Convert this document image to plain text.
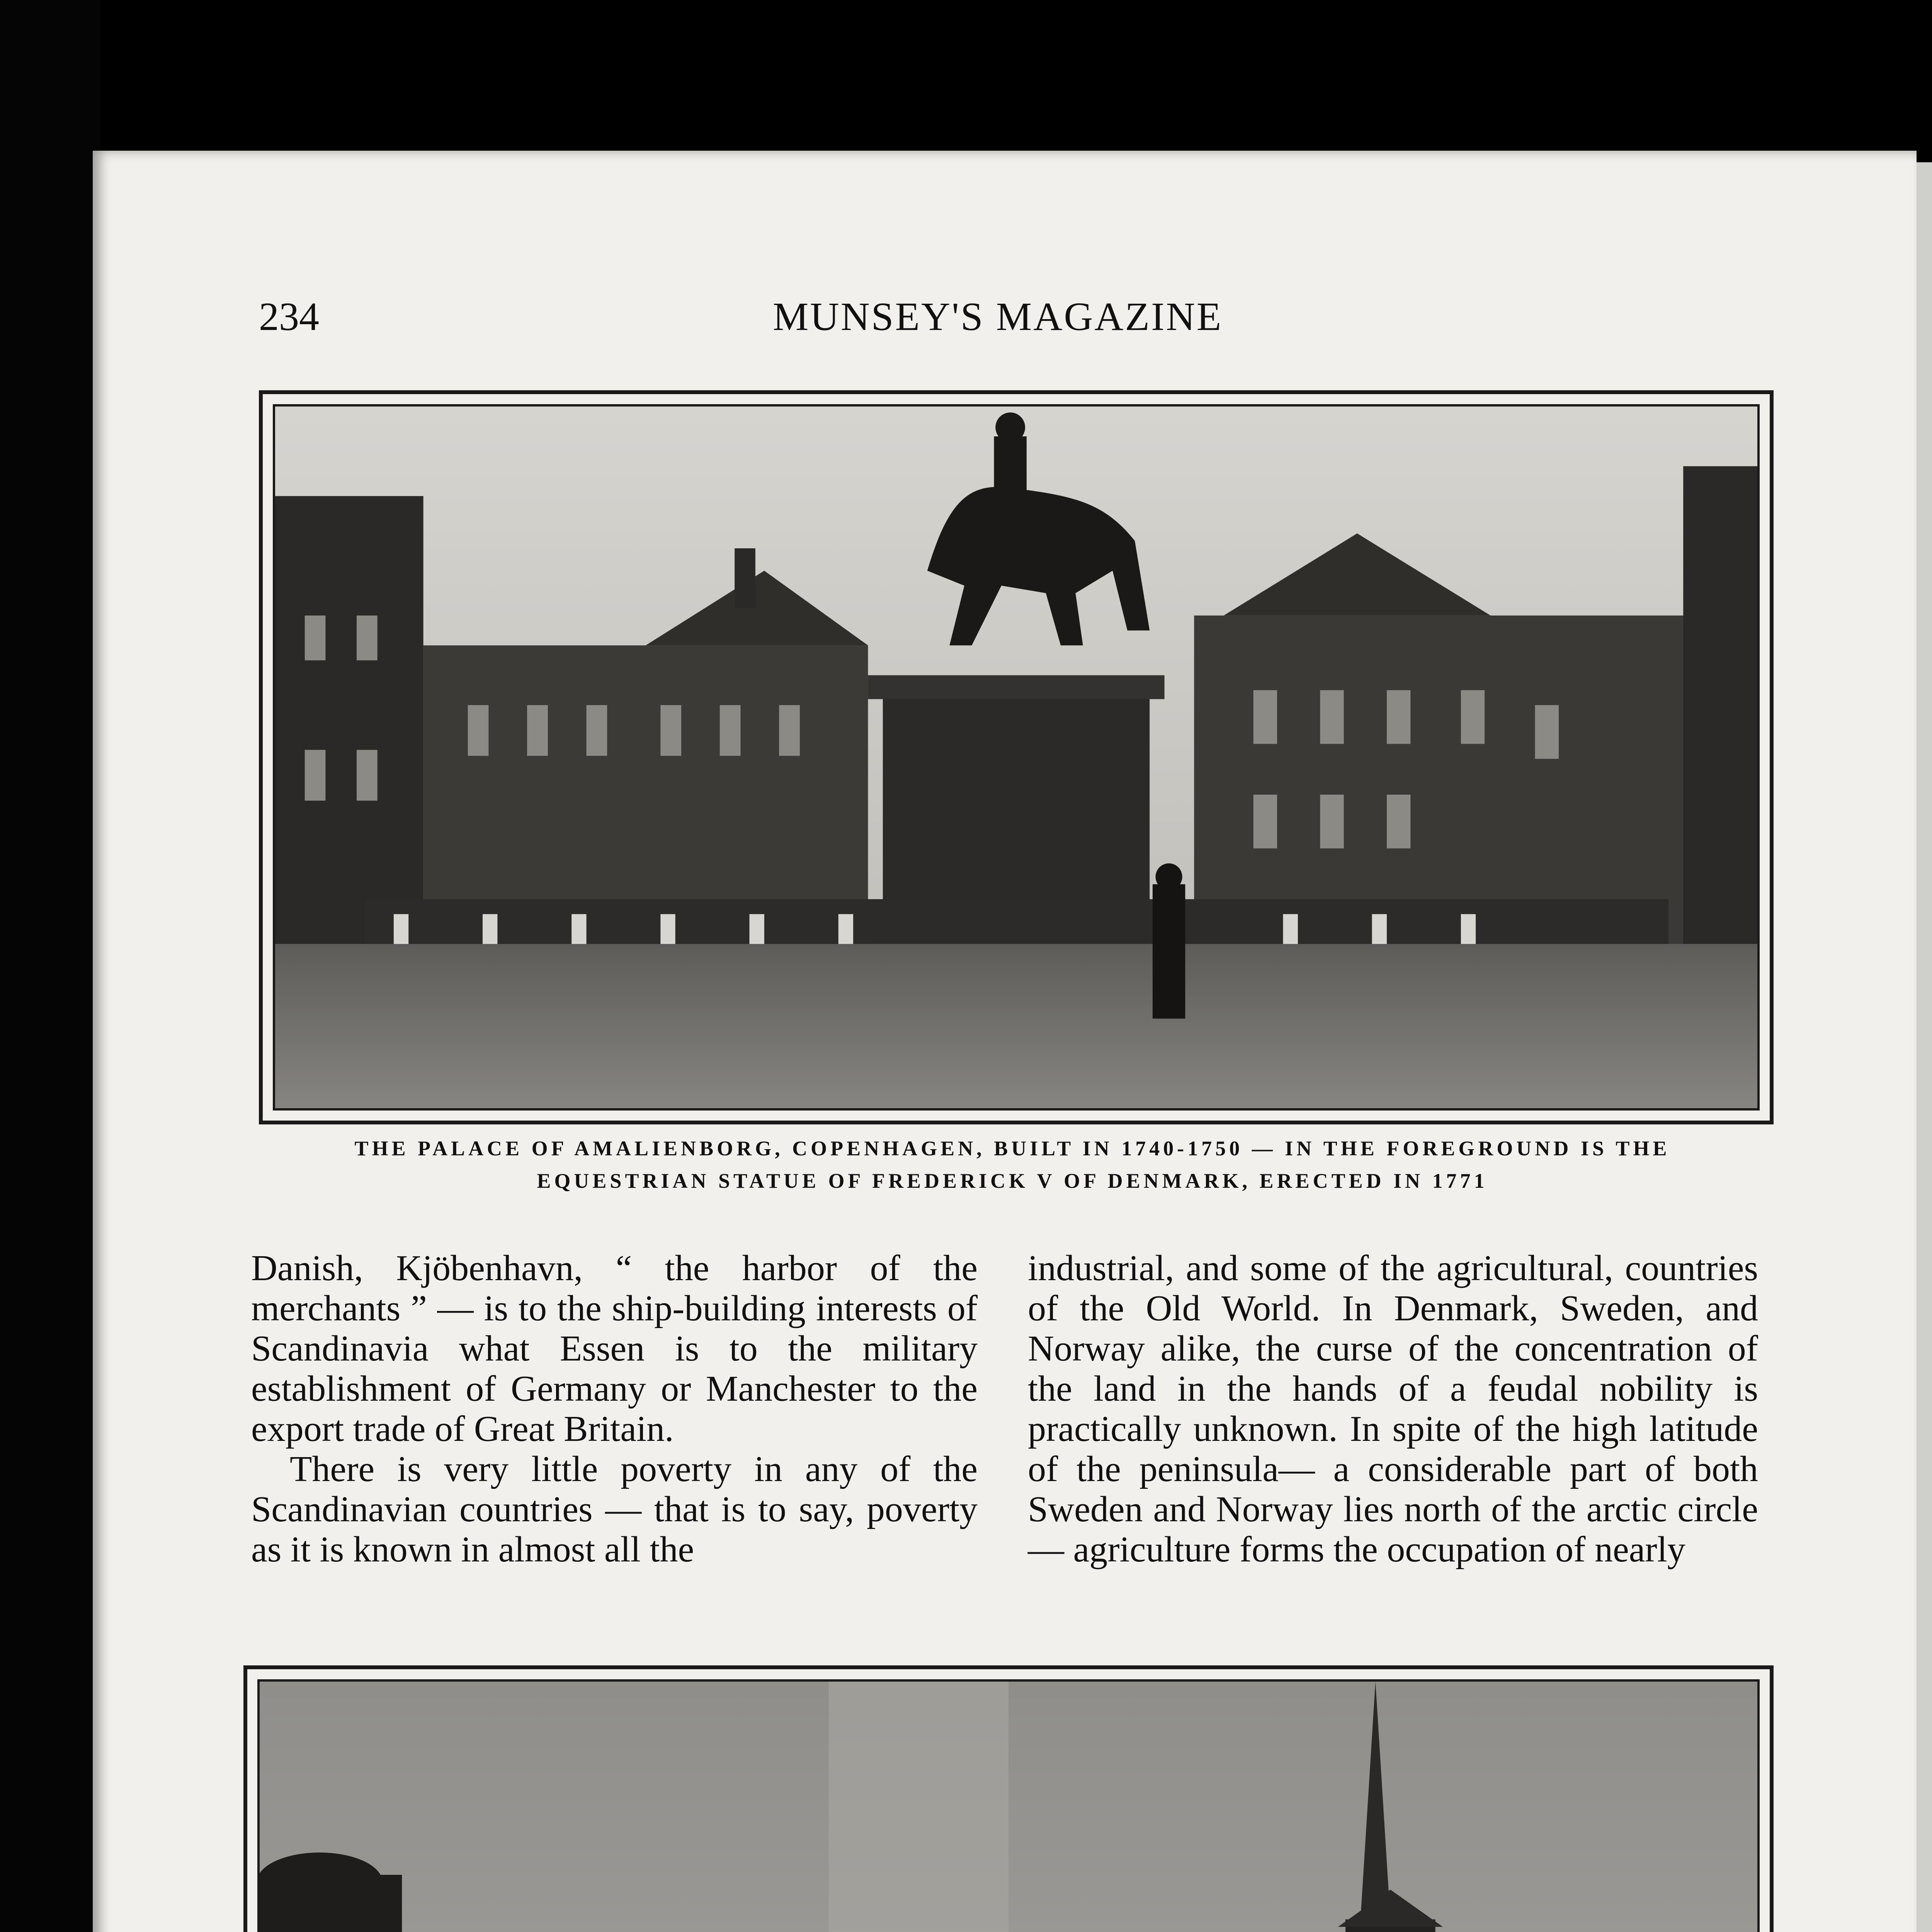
234	MUNSEY'S MAGAZINE
THE PALACE OF AMALIENBORG, COPENHAGEN, BUILT IN 1740-1750 — IN THE FOREGROUND IS THE
EQUESTRIAN STATUE OF FREDERICK V OF DENMARK, ERECTED IN 1771

Danish, Kjöbenhavn, “ the harbor of the merchants ” — is to the ship-building interests of Scandinavia what Essen is to the military establishment of Germany or Manchester to the export trade of Great Britain.

There is very little poverty in any of the Scandinavian countries — that is to say, poverty as it is known in almost all the

industrial, and some of the agricultural, countries of the Old World. In Denmark, Sweden, and Norway alike, the curse of the concentration of the land in the hands of a feudal nobility is practically unknown. In spite of the high latitude of the peninsula— a considerable part of both Sweden and Norway lies north of the arctic circle— agriculture forms the occupation of nearly
